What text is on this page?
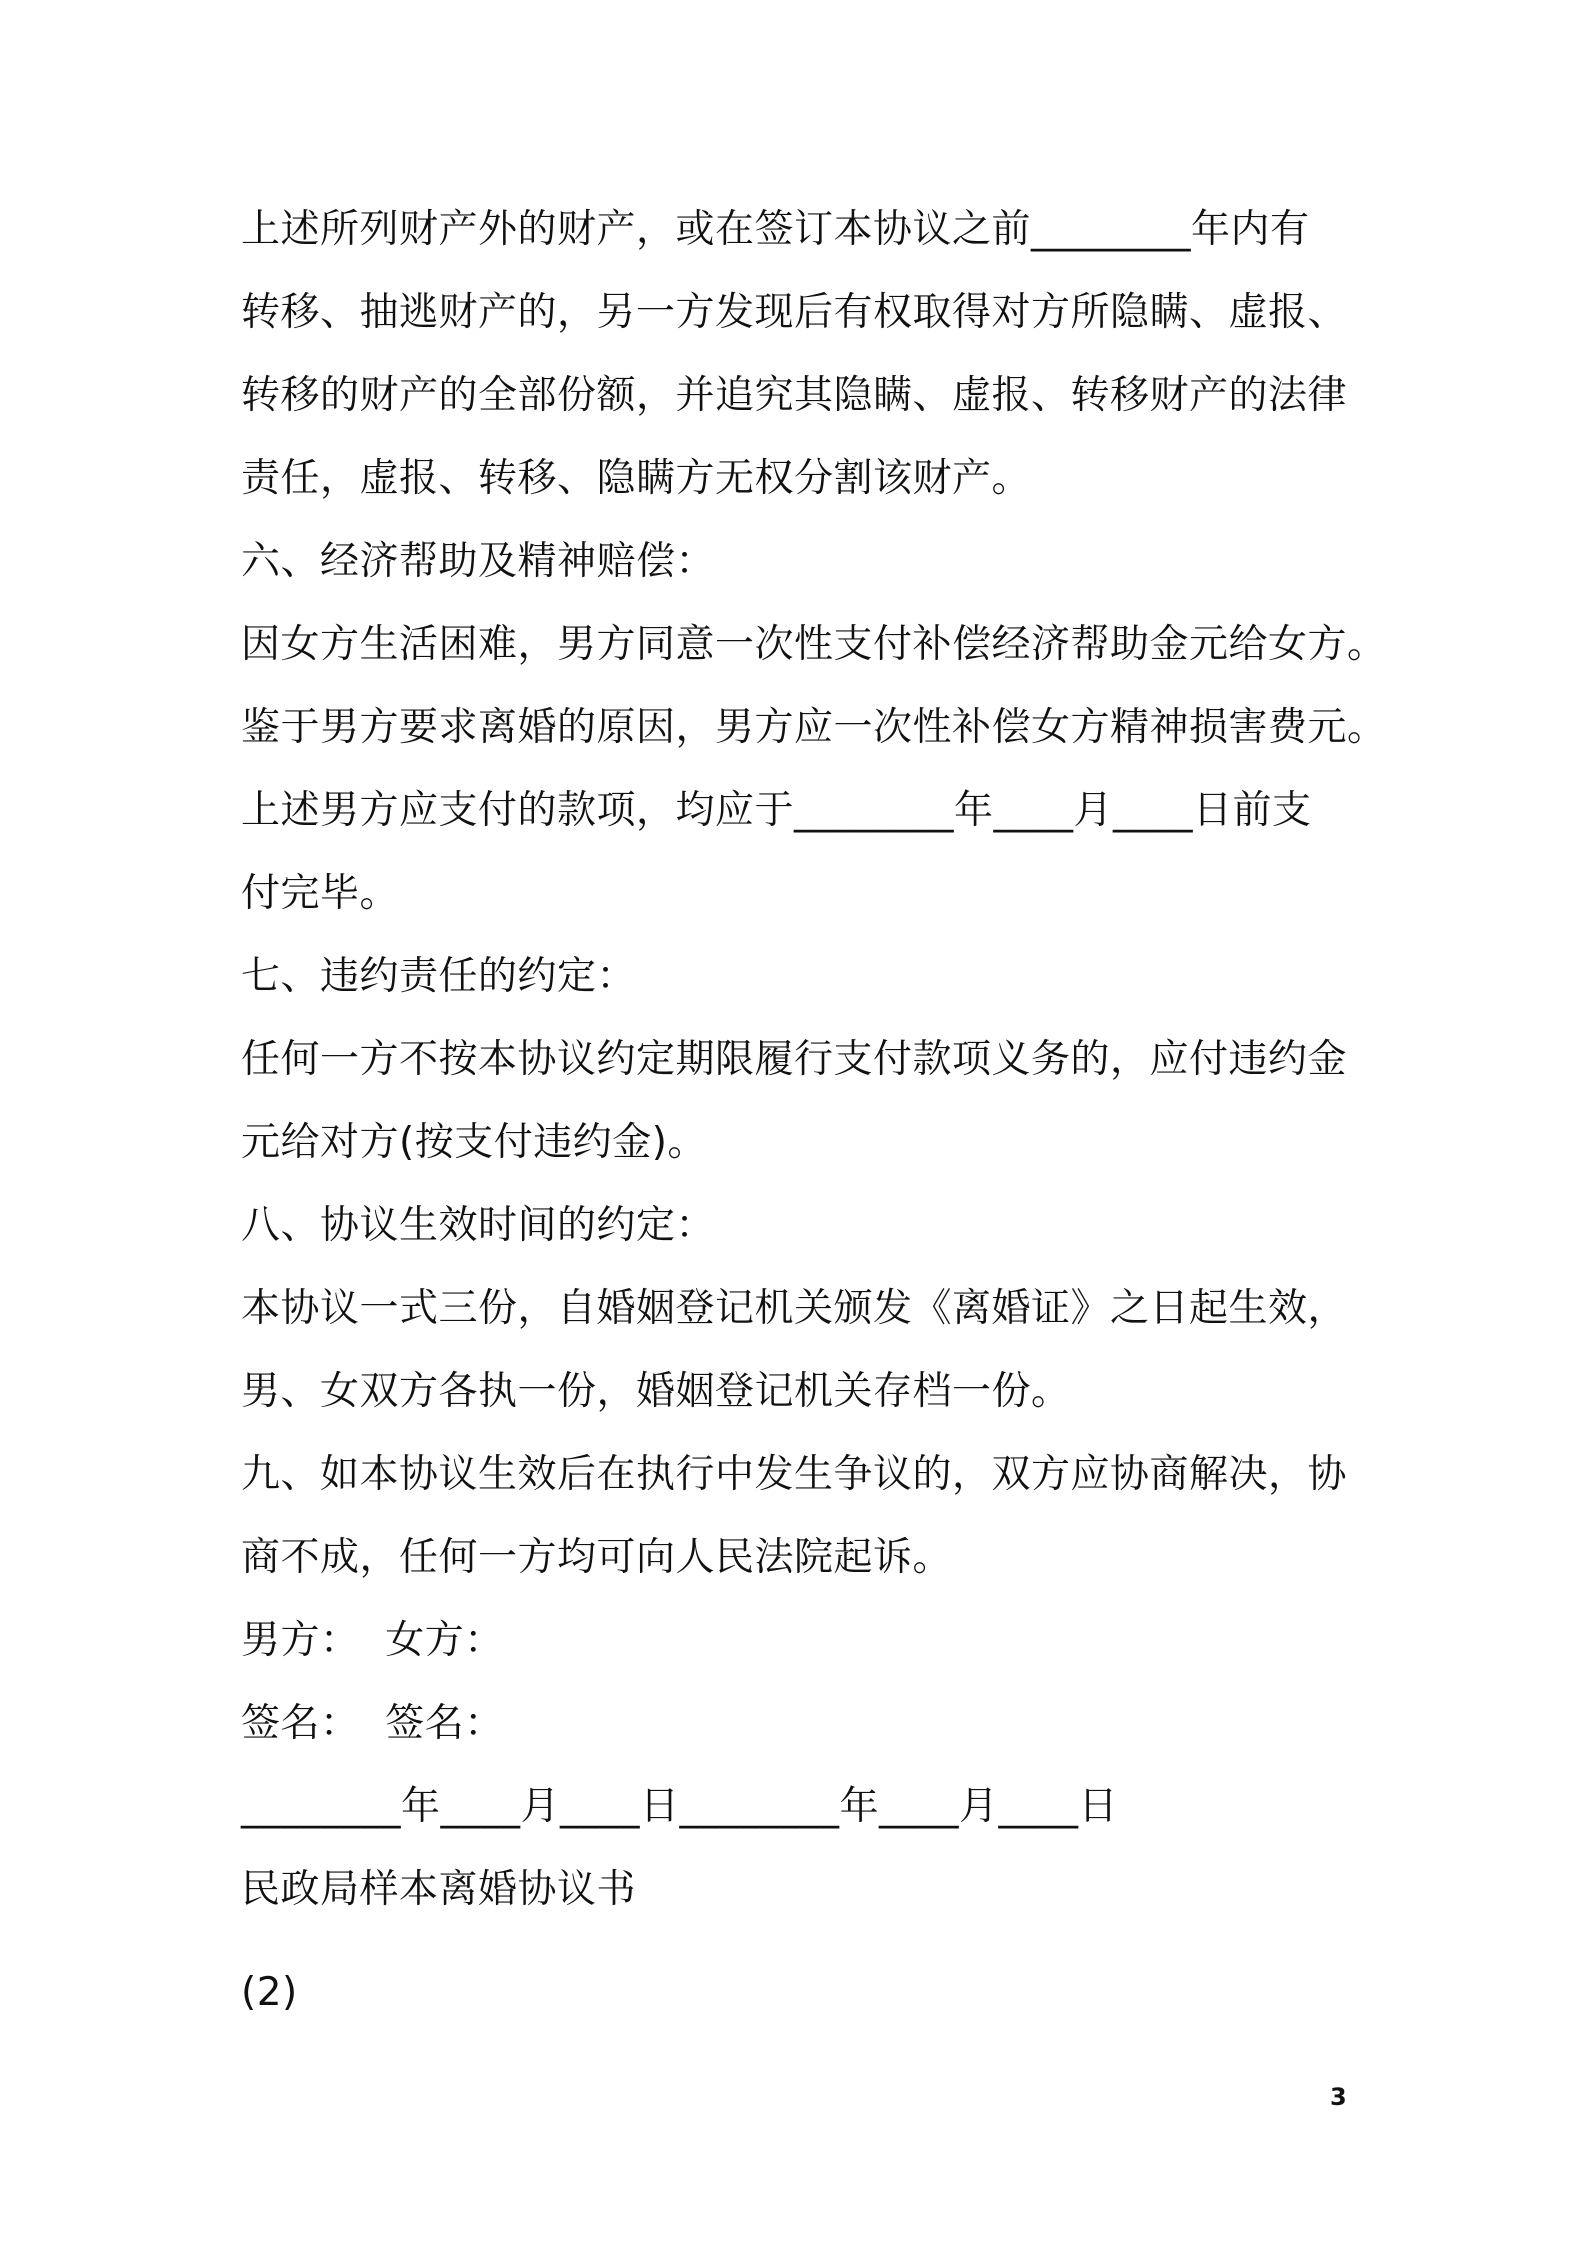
上述所列财产外的财产，或在签订本协议之前________年内有
转移、抽逃财产的，另一方发现后有权取得对方所隐瞒、虚报、
转移的财产的全部份额，并追究其隐瞒、虚报、转移财产的法律
责任，虚报、转移、隐瞒方无权分割该财产。
六、经济帮助及精神赔偿：
因女方生活困难，男方同意一次性支付补偿经济帮助金元给女方。
鉴于男方要求离婚的原因，男方应一次性补偿女方精神损害费元。
上述男方应支付的款项，均应于________年____月____日前支
付完毕。
七、违约责任的约定：
任何一方不按本协议约定期限履行支付款项义务的，应付违约金
元给对方(按支付违约金)。
八、协议生效时间的约定：
本协议一式三份，自婚姻登记机关颁发《离婚证》之日起生效，
男、女双方各执一份，婚姻登记机关存档一份。
九、如本协议生效后在执行中发生争议的，双方应协商解决，协
商不成，任何一方均可向人民法院起诉。
男方：  女方：
签名：  签名：
________年____月____日________年____月____日
民政局样本离婚协议书
(2)
3
